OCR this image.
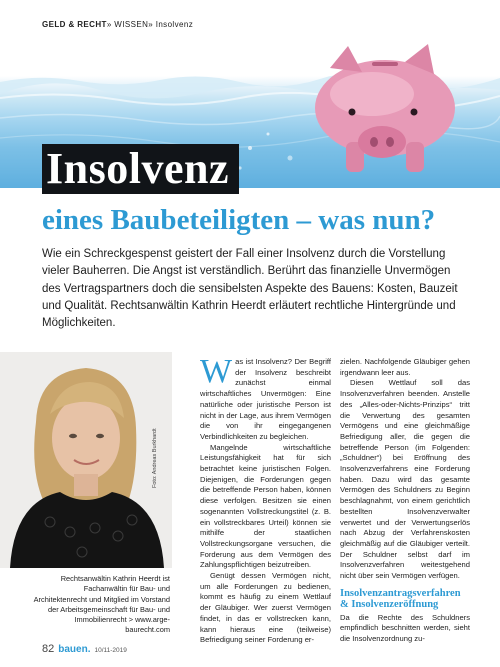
GELD & RECHT» WISSEN» Insolvenz
Insolvenz
eines Baubeteiligten – was nun?

Wie ein Schreckgespenst geistert der Fall einer Insolvenz durch die Vorstellung vieler Bauherren. Die Angst ist verständlich. Berührt das finanzielle Unvermögen des Vertragspartners doch die sensibelsten Aspekte des Bauens: Kosten, Bauzeit und Qualität. Rechtsanwältin Kathrin Heerdt erläutert rechtliche Hintergründe und Möglichkeiten.

Foto: Andreas Burkhardt

Rechtsanwältin Kathrin Heerdt ist Fachanwältin für Bau- und Architektenrecht und Mitglied im Vorstand der Arbeitsgemeinschaft für Bau- und Immobilienrecht > www.arge-baurecht.com

Was ist Insolvenz? Der Begriff der Insolvenz beschreibt zunächst einmal wirtschaftliches Unvermögen: Eine natürliche oder juristische Person ist nicht in der Lage, aus ihrem Vermögen die von ihr eingegangenen Verbindlichkeiten zu begleichen.

Mangelnde wirtschaftliche Leistungsfähigkeit hat für sich betrachtet keine juristischen Folgen. Diejenigen, die Forderungen gegen die betreffende Person haben, können diese verfolgen. Besitzen sie einen sogenannten Vollstreckungstitel (z. B. ein vollstreckbares Urteil) können sie mithilfe der staatlichen Vollstreckungsorgane versuchen, die Forderung aus dem Vermögen des Zahlungspflichtigen beizutreiben.

Genügt dessen Vermögen nicht, um alle Forderungen zu bedienen, kommt es häufig zu einem Wettlauf der Gläubiger. Wer zuerst Vermögen findet, in das er vollstrecken kann, kann hieraus eine (teilweise) Befriedigung seiner Forderung er-

zielen. Nachfolgende Gläubiger gehen irgendwann leer aus.

Diesen Wettlauf soll das Insolvenzverfahren beenden. Anstelle des „Alles-oder-Nichts-Prinzips“ tritt die Verwertung des gesamten Vermögens und eine gleichmäßige Befriedigung aller, die gegen die betreffende Person (im Folgenden: „Schuldner“) bei Eröffnung des Insolvenzverfahrens eine Forderung haben. Dazu wird das gesamte Vermögen des Schuldners zu Beginn beschlagnahmt, von einem gerichtlich bestellten Insolvenzverwalter verwertet und der Verwertungserlös nach Abzug der Verfahrenskosten gleichmäßig auf die Gläubiger verteilt. Der Schuldner selbst darf im Insolvenzverfahren weitestgehend nicht über sein Vermögen verfügen.

Insolvenzantragsverfahren & Insolvenzeröffnung

Da die Rechte des Schuldners empfindlich beschnitten werden, sieht die Insolvenzordnung zu-

82 bauen. 10/11-2019
